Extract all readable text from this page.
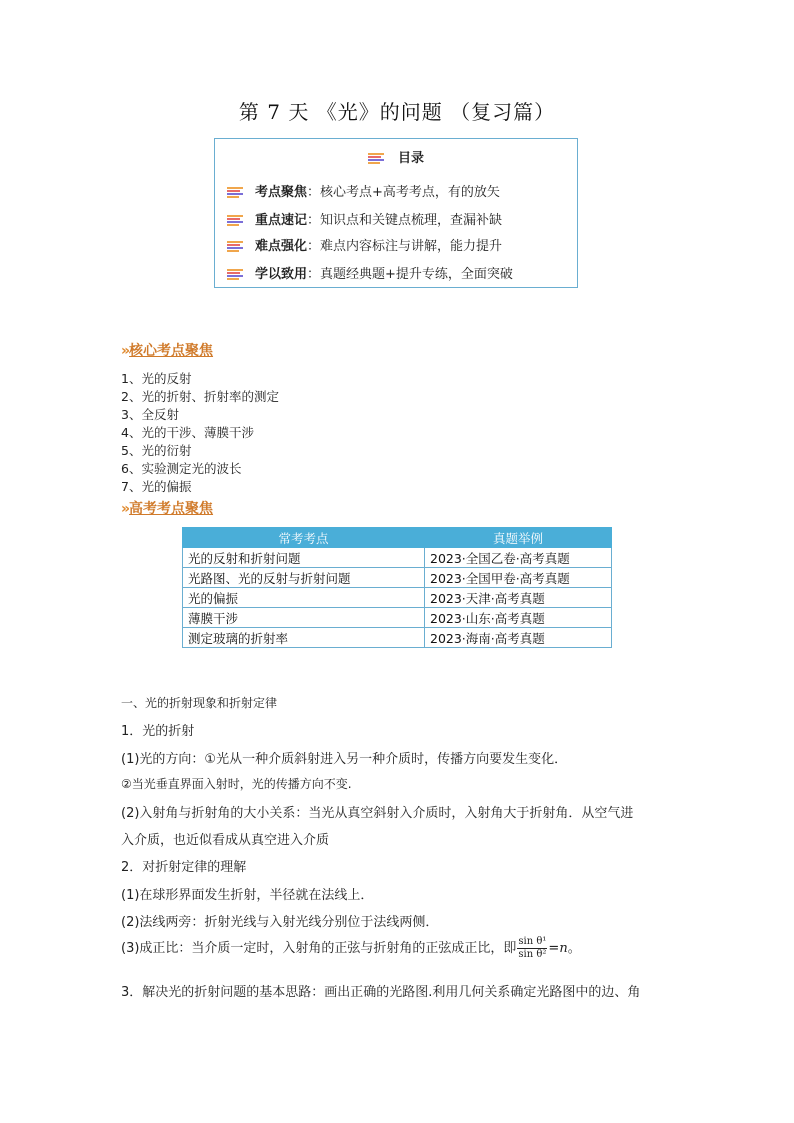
第 7 天 《光》的问题 （复习篇）
目录
考点聚焦：核心考点+高考考点，有的放矢
重点速记：知识点和关键点梳理，查漏补缺
难点强化：难点内容标注与讲解，能力提升
学以致用：真题经典题+提升专练，全面突破
»核心考点聚焦
1、光的反射
2、光的折射、折射率的测定
3、全反射
4、光的干涉、薄膜干涉
5、光的衍射
6、实验测定光的波长
7、光的偏振
»高考考点聚焦
常考考点	真题举例
光的反射和折射问题	2023·全国乙卷·高考真题
光路图、光的反射与折射问题	2023·全国甲卷·高考真题
光的偏振	2023·天津·高考真题
薄膜干涉	2023·山东·高考真题
测定玻璃的折射率	2023·海南·高考真题
一、光的折射现象和折射定律
1．光的折射
(1)光的方向：①光从一种介质斜射进入另一种介质时，传播方向要发生变化．
②当光垂直界面入射时，光的传播方向不变.
(2)入射角与折射角的大小关系：当光从真空斜射入介质时，入射角大于折射角．从空气进
入介质，也近似看成从真空进入介质
2．对折射定律的理解
(1)在球形界面发生折射，半径就在法线上．
(2)法线两旁：折射光线与入射光线分别位于法线两侧．
(3)成正比：当介质一定时，入射角的正弦与折射角的正弦成正比，即 $\frac{\text{sin θ¹}}{\text{sin θ²}} =n$。
3．解决光的折射问题的基本思路：画出正确的光路图.利用几何关系确定光路图中的边、角
